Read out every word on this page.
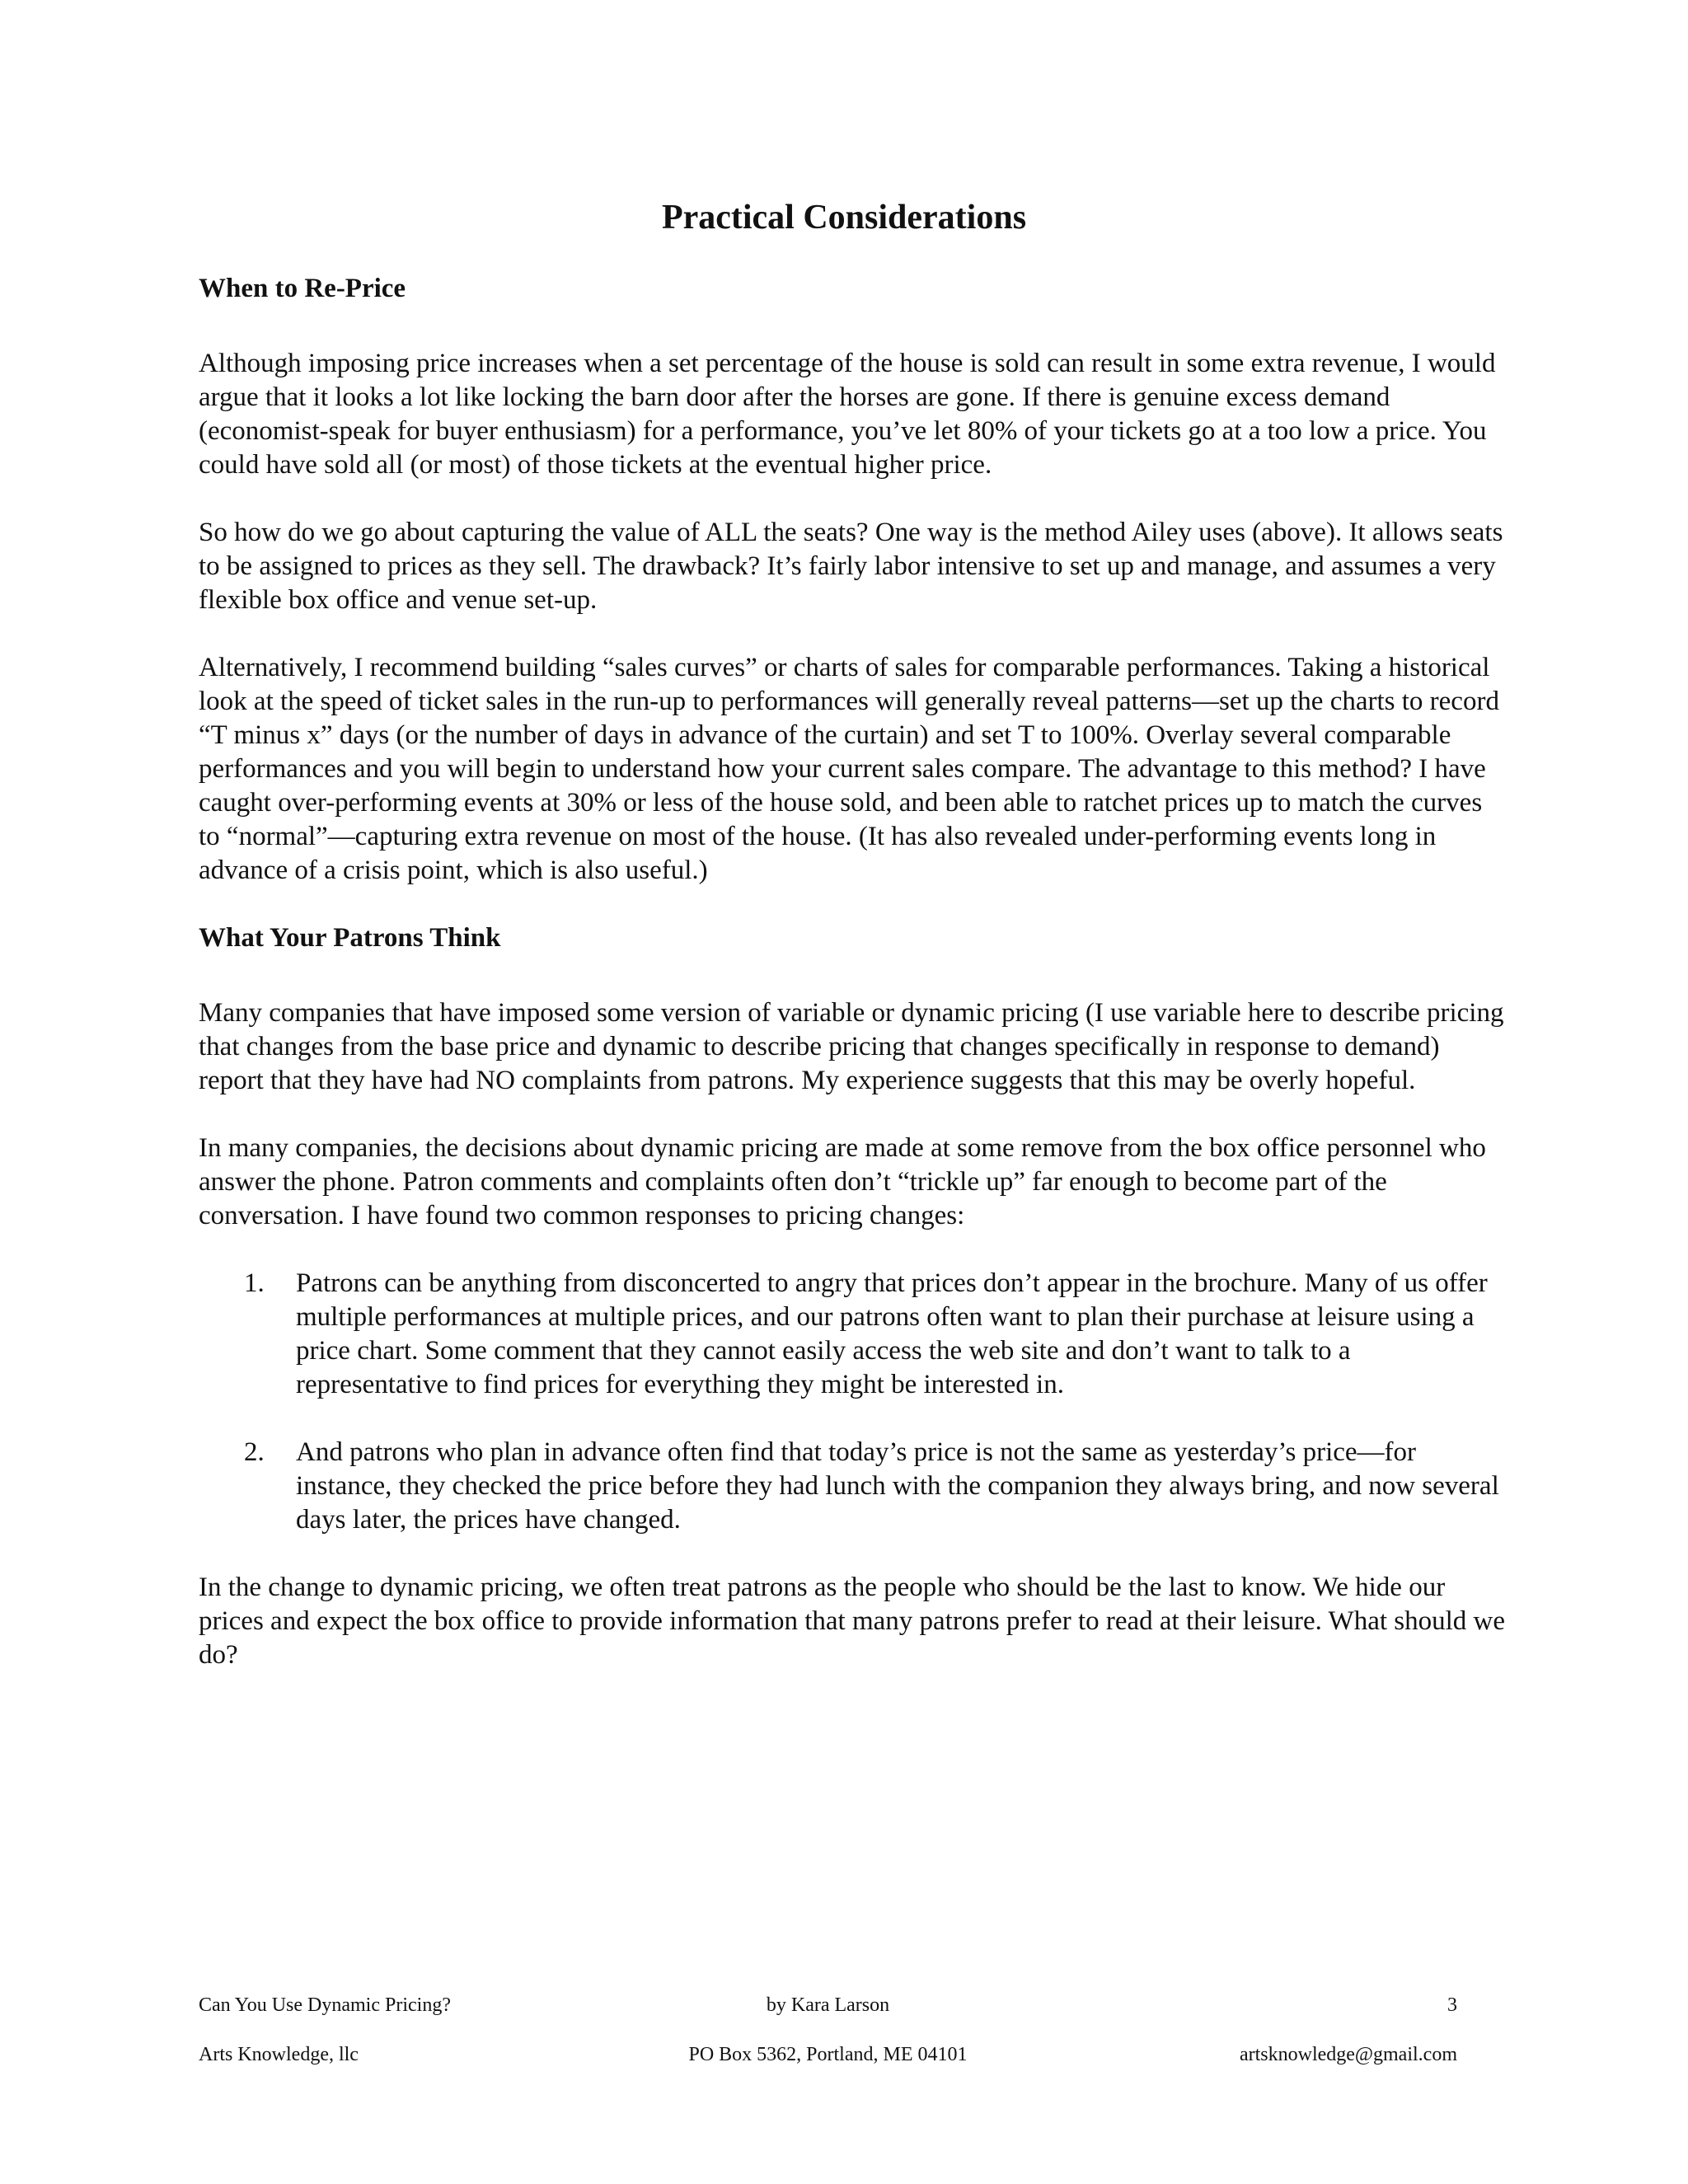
Practical Considerations
When to Re-Price

Although imposing price increases when a set percentage of the house is sold can result in some extra revenue, I would argue that it looks a lot like locking the barn door after the horses are gone. If there is genuine excess demand (economist-speak for buyer enthusiasm) for a performance, you’ve let 80% of your tickets go at a too low a price. You could have sold all (or most) of those tickets at the eventual higher price.

So how do we go about capturing the value of ALL the seats? One way is the method Ailey uses (above). It allows seats to be assigned to prices as they sell. The drawback? It’s fairly labor intensive to set up and manage, and assumes a very flexible box office and venue set-up.

Alternatively, I recommend building “sales curves” or charts of sales for comparable performances. Taking a historical look at the speed of ticket sales in the run-up to performances will generally reveal patterns—set up the charts to record “T minus x” days (or the number of days in advance of the curtain) and set T to 100%. Overlay several comparable performances and you will begin to understand how your current sales compare. The advantage to this method? I have caught over-performing events at 30% or less of the house sold, and been able to ratchet prices up to match the curves to “normal”—capturing extra revenue on most of the house. (It has also revealed under-performing events long in advance of a crisis point, which is also useful.)

What Your Patrons Think

Many companies that have imposed some version of variable or dynamic pricing (I use variable here to describe pricing that changes from the base price and dynamic to describe pricing that changes specifically in response to demand) report that they have had NO complaints from patrons. My experience suggests that this may be overly hopeful.

In many companies, the decisions about dynamic pricing are made at some remove from the box office personnel who answer the phone. Patron comments and complaints often don’t “trickle up” far enough to become part of the conversation. I have found two common responses to pricing changes:

1. Patrons can be anything from disconcerted to angry that prices don’t appear in the brochure. Many of us offer multiple performances at multiple prices, and our patrons often want to plan their purchase at leisure using a price chart. Some comment that they cannot easily access the web site and don’t want to talk to a representative to find prices for everything they might be interested in.
2. And patrons who plan in advance often find that today’s price is not the same as yesterday’s price—for instance, they checked the price before they had lunch with the companion they always bring, and now several days later, the prices have changed.

In the change to dynamic pricing, we often treat patrons as the people who should be the last to know. We hide our prices and expect the box office to provide information that many patrons prefer to read at their leisure. What should we do?

Can You Use Dynamic Pricing?	by Kara Larson	3
Arts Knowledge, llc	PO Box 5362, Portland, ME 04101	artsknowledge@gmail.com
